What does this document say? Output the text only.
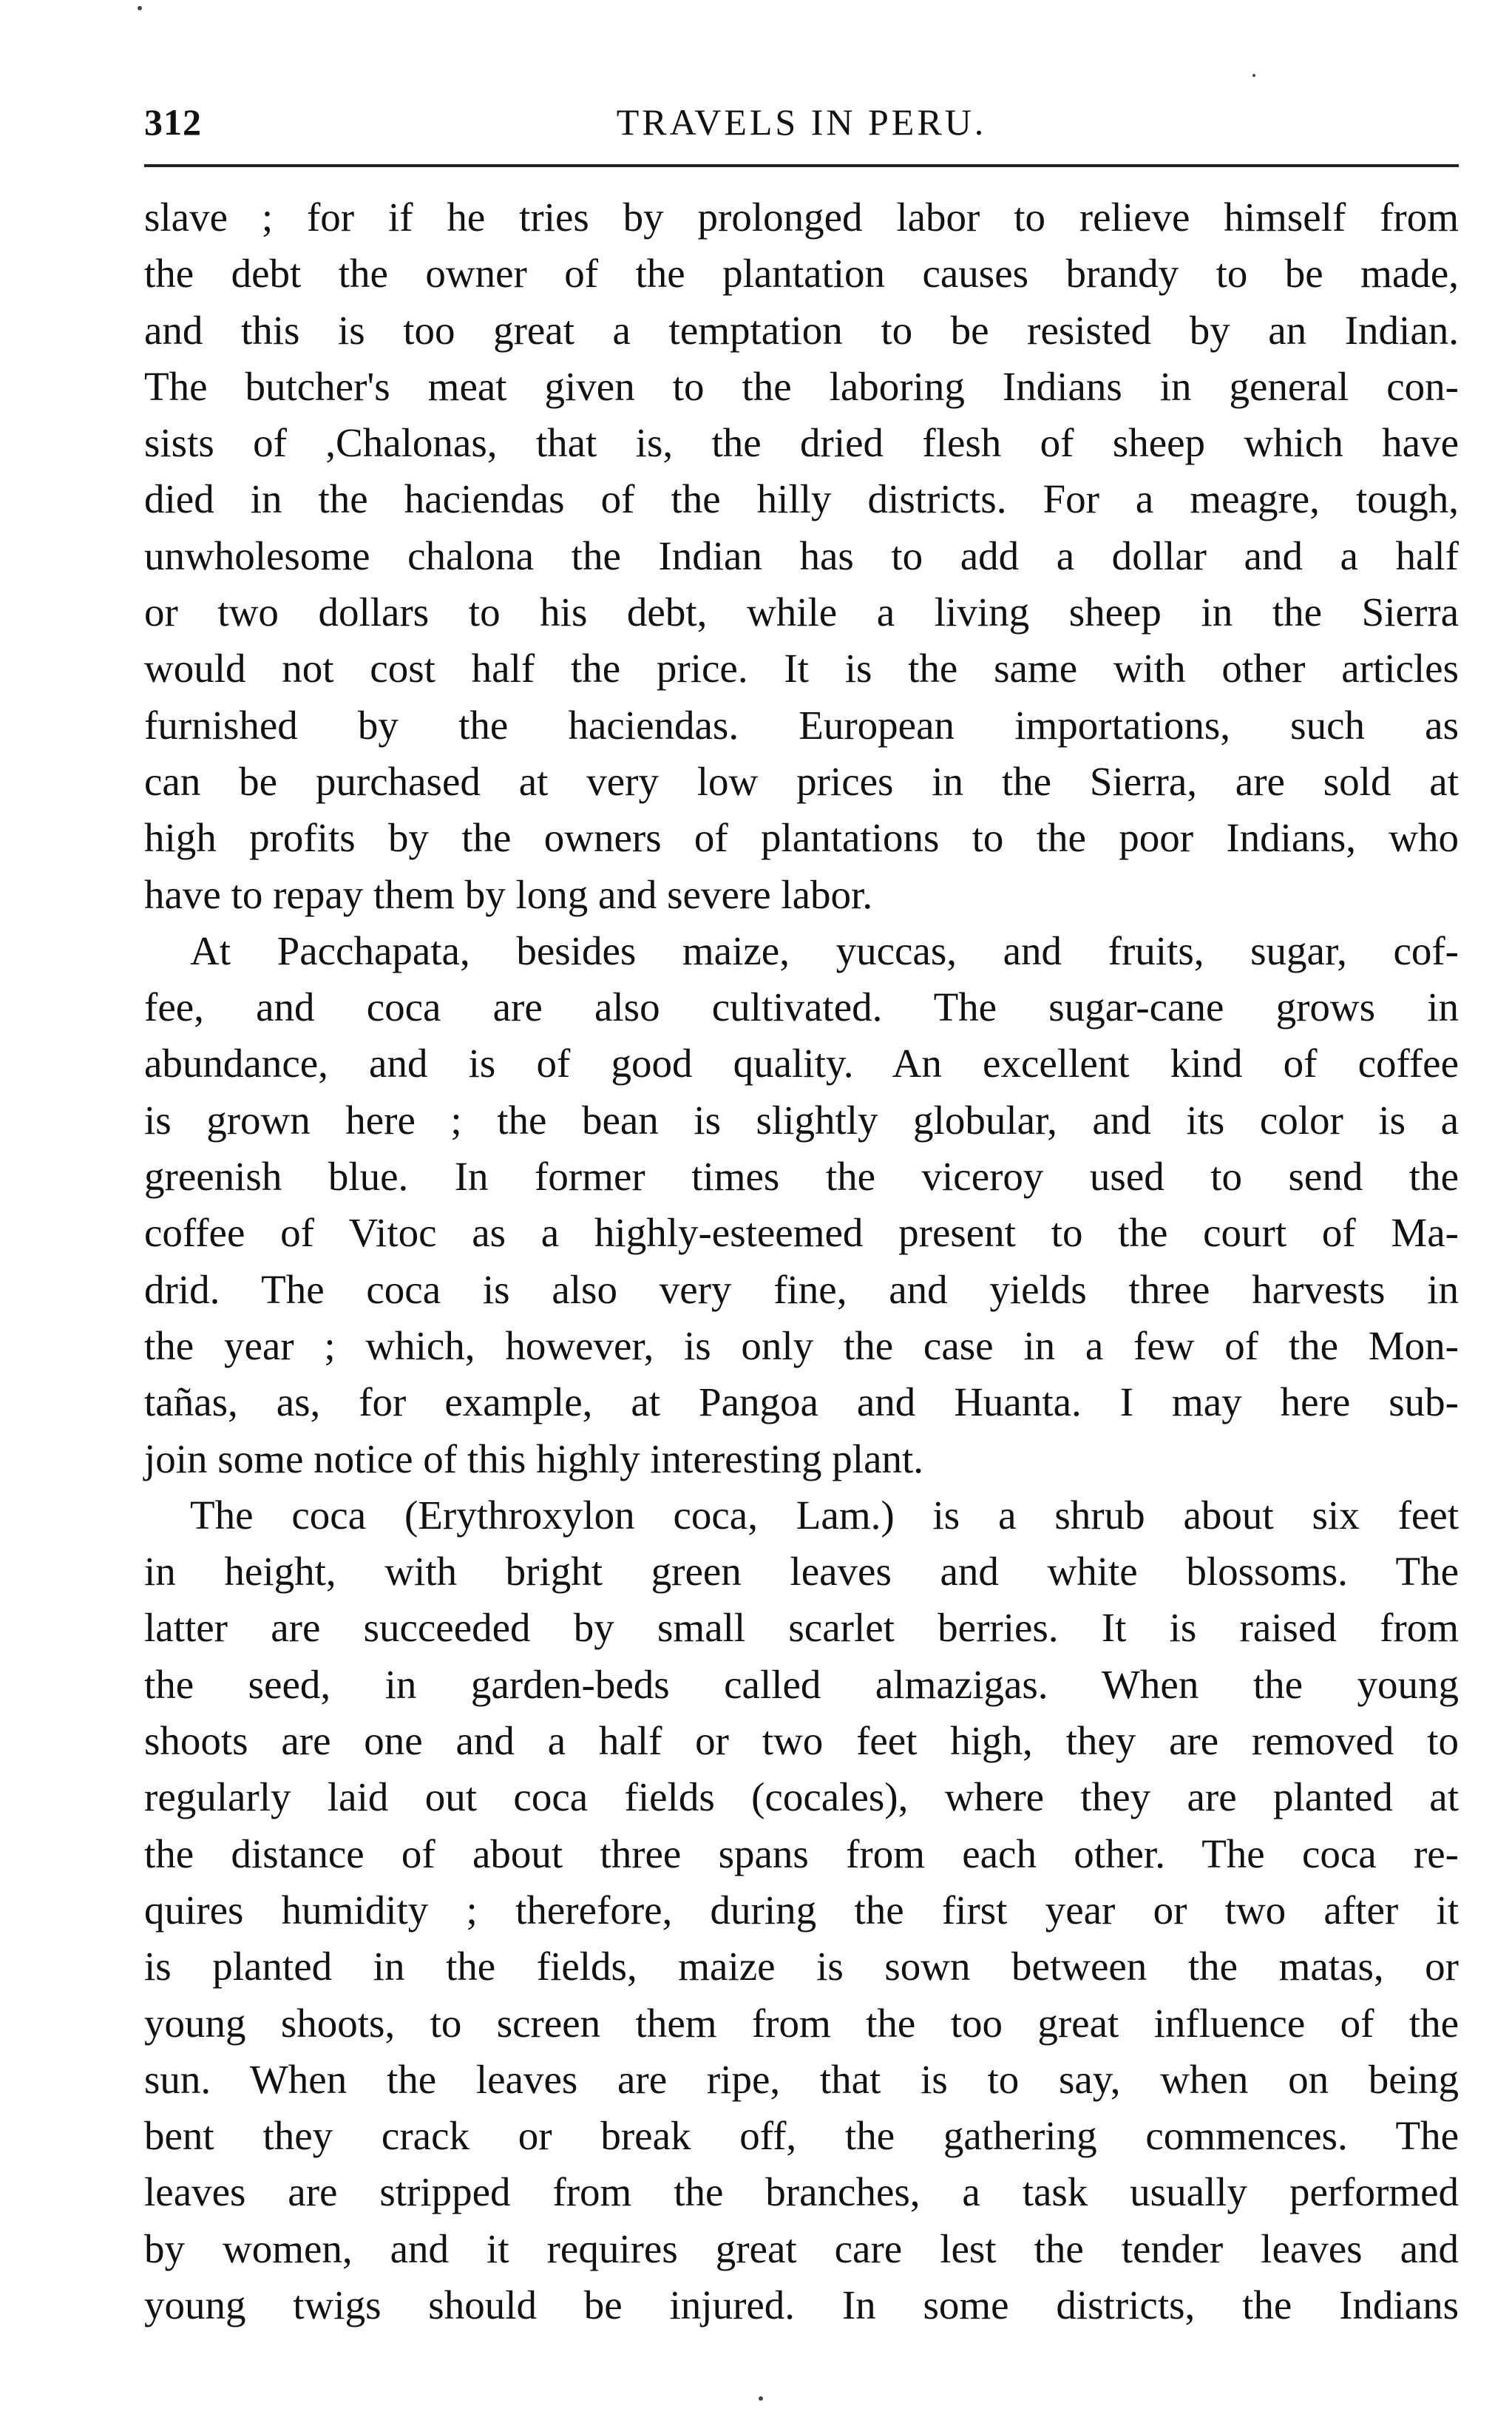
312	TRAVELS IN PERU.
slave ; for if he tries by prolonged labor to relieve himself from
the debt the owner of the plantation causes brandy to be made,
and this is too great a temptation to be resisted by an Indian.
The butcher's meat given to the laboring Indians in general con-
sists of ,Chalonas, that is, the dried flesh of sheep which have
died in the haciendas of the hilly districts. For a meagre, tough,
unwholesome chalona the Indian has to add a dollar and a half
or two dollars to his debt, while a living sheep in the Sierra
would not cost half the price. It is the same with other articles
furnished by the haciendas. European importations, such as
can be purchased at very low prices in the Sierra, are sold at
high profits by the owners of plantations to the poor Indians, who
have to repay them by long and severe labor.
At Pacchapata, besides maize, yuccas, and fruits, sugar, cof-
fee, and coca are also cultivated. The sugar-cane grows in
abundance, and is of good quality. An excellent kind of coffee
is grown here ; the bean is slightly globular, and its color is a
greenish blue. In former times the viceroy used to send the
coffee of Vitoc as a highly-esteemed present to the court of Ma-
drid. The coca is also very fine, and yields three harvests in
the year ; which, however, is only the case in a few of the Mon-
tañas, as, for example, at Pangoa and Huanta. I may here sub-
join some notice of this highly interesting plant.
The coca (Erythroxylon coca, Lam.) is a shrub about six feet
in height, with bright green leaves and white blossoms. The
latter are succeeded by small scarlet berries. It is raised from
the seed, in garden-beds called almazigas. When the young
shoots are one and a half or two feet high, they are removed to
regularly laid out coca fields (cocales), where they are planted at
the distance of about three spans from each other. The coca re-
quires humidity ; therefore, during the first year or two after it
is planted in the fields, maize is sown between the matas, or
young shoots, to screen them from the too great influence of the
sun. When the leaves are ripe, that is to say, when on being
bent they crack or break off, the gathering commences. The
leaves are stripped from the branches, a task usually performed
by women, and it requires great care lest the tender leaves and
young twigs should be injured. In some districts, the Indians
